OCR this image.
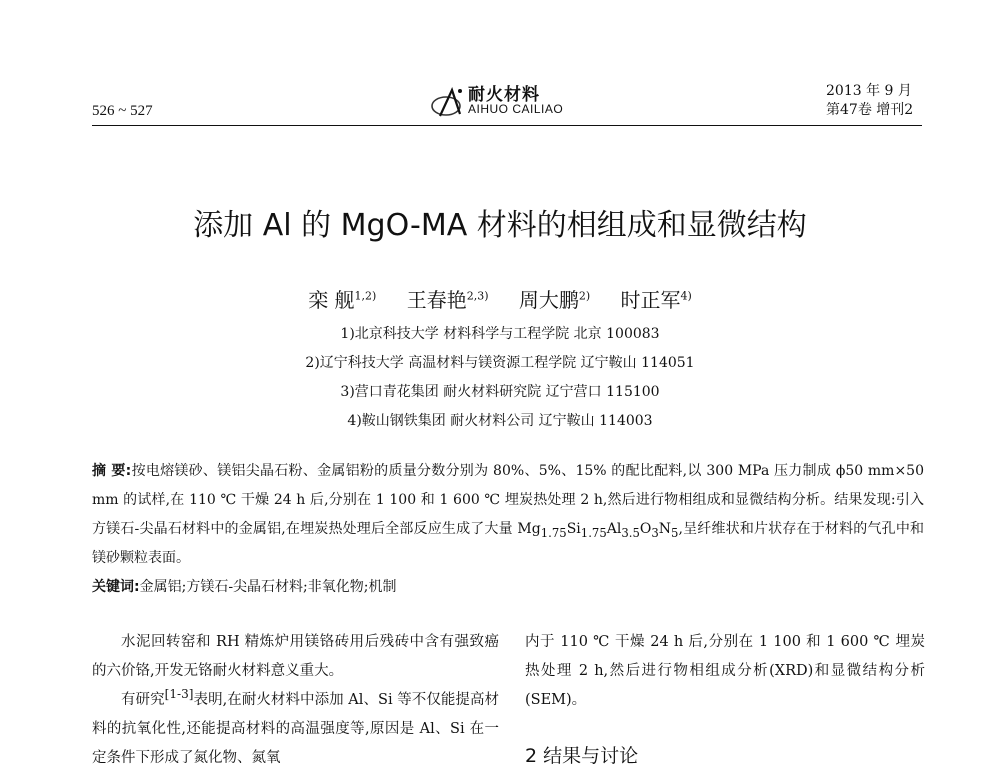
526 ~ 527
耐火材料
AIHUO CAILIAO
2013 年 9 月
第47卷 增刊2
添加 Al 的 MgO-MA 材料的相组成和显微结构
栾 舰$^{1,2)}$ 王春艳$^{2,3)}$ 周大鹏$^{2)}$ 时正军$^{4)}$
1)北京科技大学 材料科学与工程学院 北京 100083
2)辽宁科技大学 高温材料与镁资源工程学院 辽宁鞍山 114051
3)营口青花集团 耐火材料研究院 辽宁营口 115100
4)鞍山钢铁集团 耐火材料公司 辽宁鞍山 114003
摘 要:按电熔镁砂、镁铝尖晶石粉、金属铝粉的质量分数分别为 80%、5%、15% 的配比配料,以 300 MPa 压力制成 ϕ50 mm×50 mm 的试样,在 110 ℃ 干燥 24 h 后,分别在 1 100 和 1 600 ℃ 埋炭热处理 2 h,然后进行物相组成和显微结构分析。结果发现:引入方镁石-尖晶石材料中的金属铝,在埋炭热处理后全部反应生成了大量 $Mg_{1.75}Si_{1.75}Al_{3.5}O_3N_5$,呈纤维状和片状存在于材料的气孔中和镁砂颗粒表面。
关键词:金属铝;方镁石-尖晶石材料;非氧化物;机制

水泥回转窑和 RH 精炼炉用镁铬砖用后残砖中含有强致癌的六价铬,开发无铬耐火材料意义重大。

有研究[1-3]表明,在耐火材料中添加 Al、Si 等不仅能提高材料的抗氧化性,还能提高材料的高温强度等,原因是 Al、Si 在一定条件下形成了氮化物、氮氧

内于 110 ℃ 干燥 24 h 后,分别在 1 100 和 1 600 ℃ 埋炭热处理 2 h,然后进行物相组成分析(XRD)和显微结构分析(SEM)。

2 结果与讨论
